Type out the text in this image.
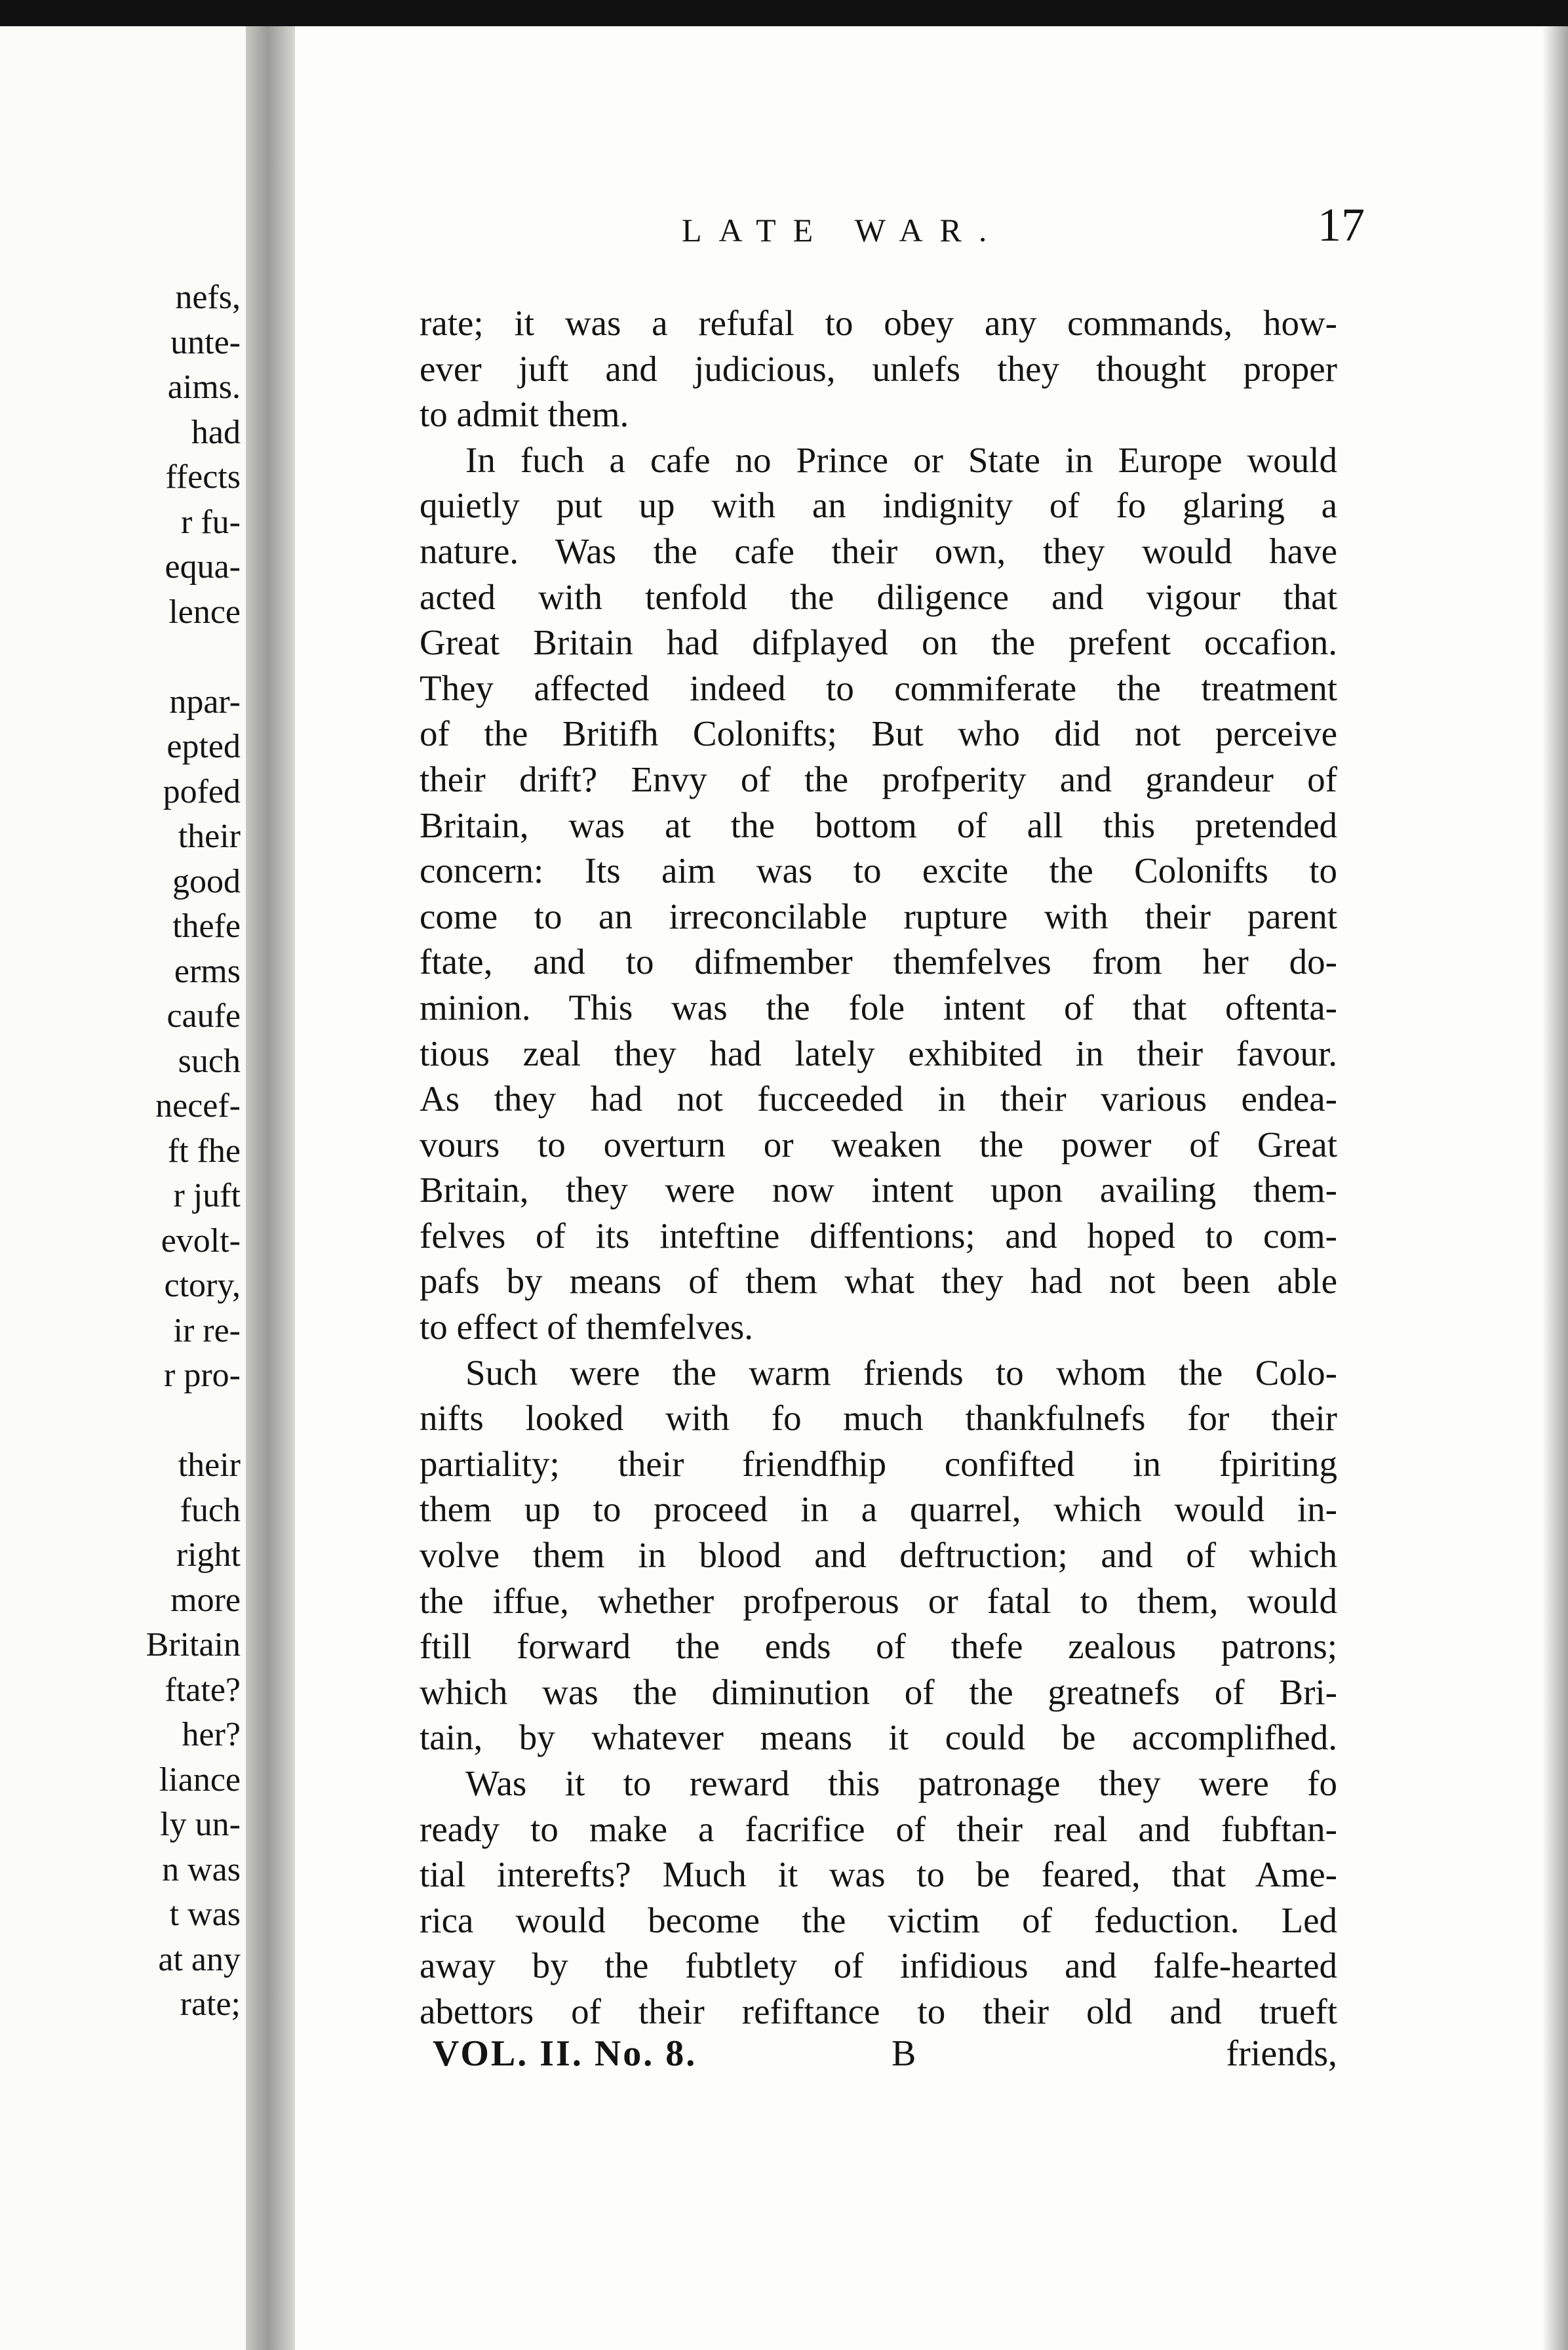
nefs,
unte-
aims.
had
ffects
r fu-
equa-
lence

npar-
epted
pofed
their
good
thefe
erms
caufe
such
necef-
ft fhe
r juft
evolt-
ctory,
ir re-
r pro-

their
fuch
right
more
Britain
ftate?
her?
liance
ly un-
n was
t was
at any
rate;
LATE WAR.	17
rate; it was a refufal to obey any commands, how-
ever juft and judicious, unlefs they thought proper
to admit them.
In fuch a cafe no Prince or State in Europe would
quietly put up with an indignity of fo glaring a
nature. Was the cafe their own, they would have
acted with tenfold the diligence and vigour that
Great Britain had difplayed on the prefent occafion.
They affected indeed to commiferate the treatment
of the Britifh Colonifts; But who did not perceive
their drift? Envy of the profperity and grandeur of
Britain, was at the bottom of all this pretended
concern: Its aim was to excite the Colonifts to
come to an irreconcilable rupture with their parent
ftate, and to difmember themfelves from her do-
minion. This was the fole intent of that oftenta-
tious zeal they had lately exhibited in their favour.
As they had not fucceeded in their various endea-
vours to overturn or weaken the power of Great
Britain, they were now intent upon availing them-
felves of its inteftine diffentions; and hoped to com-
pafs by means of them what they had not been able
to effect of themfelves.
Such were the warm friends to whom the Colo-
nifts looked with fo much thankfulnefs for their
partiality; their friendfhip confifted in fpiriting
them up to proceed in a quarrel, which would in-
volve them in blood and deftruction; and of which
the iffue, whether profperous or fatal to them, would
ftill forward the ends of thefe zealous patrons;
which was the diminution of the greatnefs of Bri-
tain, by whatever means it could be accomplifhed.
Was it to reward this patronage they were fo
ready to make a facrifice of their real and fubftan-
tial interefts? Much it was to be feared, that Ame-
rica would become the victim of feduction. Led
away by the fubtlety of infidious and falfe-hearted
abettors of their refiftance to their old and trueft
VOL. II. No. 8.	B	friends,
